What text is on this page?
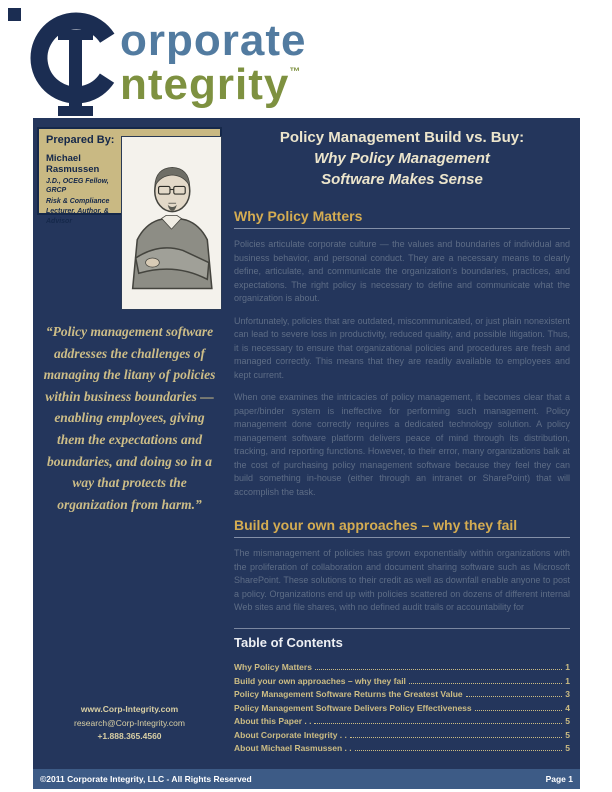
orporate
ntegrity™
Prepared By:
Michael Rasmussen
J.D., OCEG Fellow, GRCP
Risk & Compliance
Lecturer, Author, & Advisor
“Policy management software addresses the challenges of managing the litany of policies within business boundaries — enabling employees, giving them the expectations and boundaries, and doing so in a way that protects the organization from harm.”
www.Corp-Integrity.com
research@Corp-Integrity.com
+1.888.365.4560
Policy Management Build vs. Buy:
Why Policy Management
Software Makes Sense
Why Policy Matters

Policies articulate corporate culture — the values and boundaries of individual and business behavior, and personal conduct. They are a necessary means to clearly define, articulate, and communicate the organization’s boundaries, practices, and expectations. The right policy is necessary to define and communicate what the organization is about.

Unfortunately, policies that are outdated, miscommunicated, or just plain nonexistent can lead to severe loss in productivity, reduced quality, and possible litigation. Thus, it is necessary to ensure that organizational policies and procedures are fresh and managed correctly. This means that they are readily available to employees and kept current.

When one examines the intricacies of policy management, it becomes clear that a paper/binder system is ineffective for performing such management. Policy management done correctly requires a dedicated technology solution. A policy management software platform delivers peace of mind through its distribution, tracking, and reporting functions. However, to their error, many organizations balk at the cost of purchasing policy management software because they feel they can build something in-house (either through an intranet or SharePoint) that will accomplish the task.

Build your own approaches – why they fail

The mismanagement of policies has grown exponentially within organizations with the proliferation of collaboration and document sharing software such as Microsoft SharePoint. These solutions to their credit as well as downfall enable anyone to post a policy. Organizations end up with policies scattered on dozens of different internal Web sites and file shares, with no defined audit trails or accountability for

Table of Contents
Why Policy Matters	1
Build your own approaches – why they fail	1
Policy Management Software Returns the Greatest Value	3
Policy Management Software Delivers Policy Effectiveness	4
About this Paper . .	5
About Corporate Integrity . .	5
About Michael Rasmussen . .	5
©2011 Corporate Integrity, LLC - All Rights Reserved	Page 1
